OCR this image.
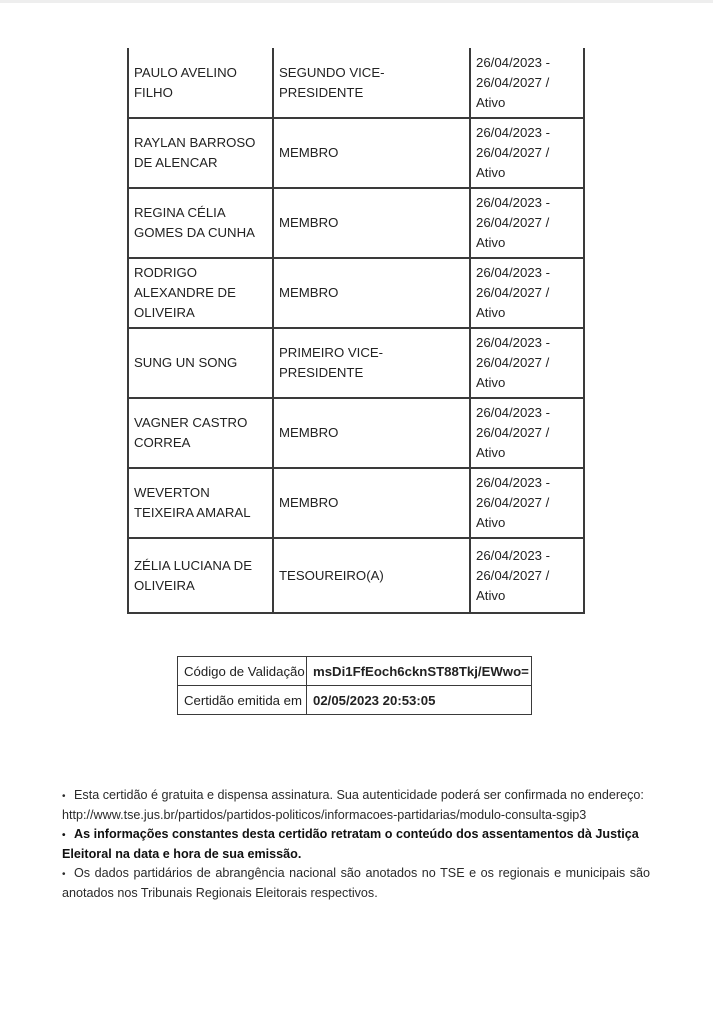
PAULO AVELINO FILHO	SEGUNDO VICE-PRESIDENTE	26/04/2023 - 26/04/2027 / Ativo
RAYLAN BARROSO DE ALENCAR	MEMBRO	26/04/2023 - 26/04/2027 / Ativo
REGINA CÉLIA GOMES DA CUNHA	MEMBRO	26/04/2023 - 26/04/2027 / Ativo
RODRIGO ALEXANDRE DE OLIVEIRA	MEMBRO	26/04/2023 - 26/04/2027 / Ativo
SUNG UN SONG	PRIMEIRO VICE-PRESIDENTE	26/04/2023 - 26/04/2027 / Ativo
VAGNER CASTRO CORREA	MEMBRO	26/04/2023 - 26/04/2027 / Ativo
WEVERTON TEIXEIRA AMARAL	MEMBRO	26/04/2023 - 26/04/2027 / Ativo
ZÉLIA LUCIANA DE OLIVEIRA	TESOUREIRO(A)	26/04/2023 - 26/04/2027 / Ativo
Código de Validação	msDi1FfEoch6cknST88Tkj/EWwo=
Certidão emitida em	02/05/2023 20:53:05

• Esta certidão é gratuita e dispensa assinatura. Sua autenticidade poderá ser confirmada no endereço: http://www.tse.jus.br/partidos/partidos-politicos/informacoes-partidarias/modulo-consulta-sgip3

• As informações constantes desta certidão retratam o conteúdo dos assentamentos dà Justiça Eleitoral na data e hora de sua emissão.

• Os dados partidários de abrangência nacional são anotados no TSE e os regionais e municipais são anotados nos Tribunais Regionais Eleitorais respectivos.
